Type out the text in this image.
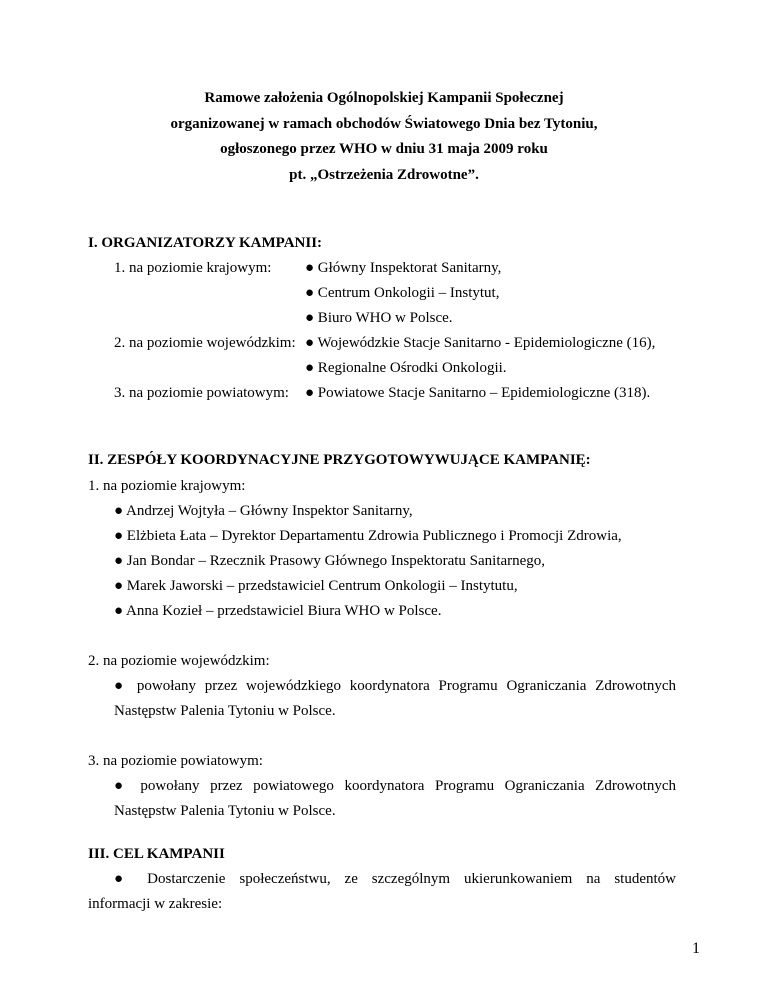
Ramowe założenia Ogólnopolskiej Kampanii Społecznej
organizowanej w ramach obchodów Światowego Dnia bez Tytoniu,
ogłoszonego przez WHO w dniu 31 maja 2009 roku
pt. „Ostrzeżenia Zdrowotne”.
I. ORGANIZATORZY KAMPANII:
1. na poziomie krajowym: ● Główny Inspektorat Sanitarny,
● Centrum Onkologii – Instytut,
● Biuro WHO w Polsce.
2. na poziomie wojewódzkim: ● Wojewódzkie Stacje Sanitarno - Epidemiologiczne (16),
● Regionalne Ośrodki Onkologii.
3. na poziomie powiatowym: ● Powiatowe Stacje Sanitarno – Epidemiologiczne (318).
II. ZESPÓŁY KOORDYNACYJNE PRZYGOTOWYWUJĄCE KAMPANIĘ:
1. na poziomie krajowym:
● Andrzej Wojtyła – Główny Inspektor Sanitarny,
● Elżbieta Łata – Dyrektor Departamentu Zdrowia Publicznego i Promocji Zdrowia,
● Jan Bondar – Rzecznik Prasowy Głównego Inspektoratu Sanitarnego,
● Marek Jaworski – przedstawiciel Centrum Onkologii – Instytutu,
● Anna Kozieł – przedstawiciel Biura WHO w Polsce.
2. na poziomie wojewódzkim:
● powołany przez wojewódzkiego koordynatora Programu Ograniczania Zdrowotnych
Następstw Palenia Tytoniu w Polsce.
3. na poziomie powiatowym:
● powołany przez powiatowego koordynatora Programu Ograniczania Zdrowotnych
Następstw Palenia Tytoniu w Polsce.
III. CEL KAMPANII
● Dostarczenie społeczeństwu, ze szczególnym ukierunkowaniem na studentów
informacji w zakresie:
1
